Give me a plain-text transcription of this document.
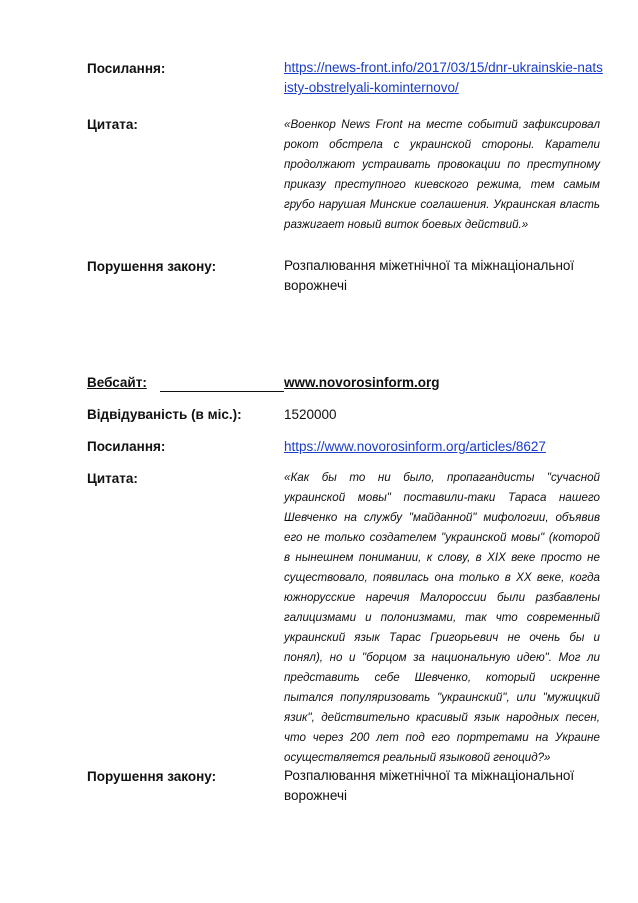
Посилання:	https://news-front.info/2017/03/15/dnr-ukrainskie-natsisty-obstrelyali-kominternovo/
Цитата:	«Военкор News Front на месте событий зафиксировал рокот обстрела с украинской стороны. Каратели продолжают устраивать провокации по преступному приказу преступного киевского режима, тем самым грубо нарушая Минские соглашения. Украинская власть разжигает новый виток боевых действий.»
Порушення закону:	Розпалювання міжетнічної та міжнаціональної ворожнечі
Вебсайт:	www.novorosinform.org
Відвідуваність (в міс.):	1520000
Посилання:	https://www.novorosinform.org/articles/8627
Цитата:	«Как бы то ни было, пропагандисты "сучасной украинской мовы" поставили-таки Тараса нашего Шевченко на службу "майданной" мифологии, объявив его не только создателем "украинской мовы" (которой в нынешнем понимании, к слову, в XIX веке просто не существовало, появилась она только в XX веке, когда южнорусские наречия Малороссии были разбавлены галицизмами и полонизмами, так что современный украинский язык Тарас Григорьевич не очень бы и понял), но и "борцом за национальную идею". Мог ли представить себе Шевченко, который искренне пытался популяризовать "украинский", или "мужицкий язик", действительно красивый язык народных песен, что через 200 лет под его портретами на Украине осуществляется реальный языковой геноцид?»
Порушення закону:	Розпалювання міжетнічної та міжнаціональної ворожнечі
